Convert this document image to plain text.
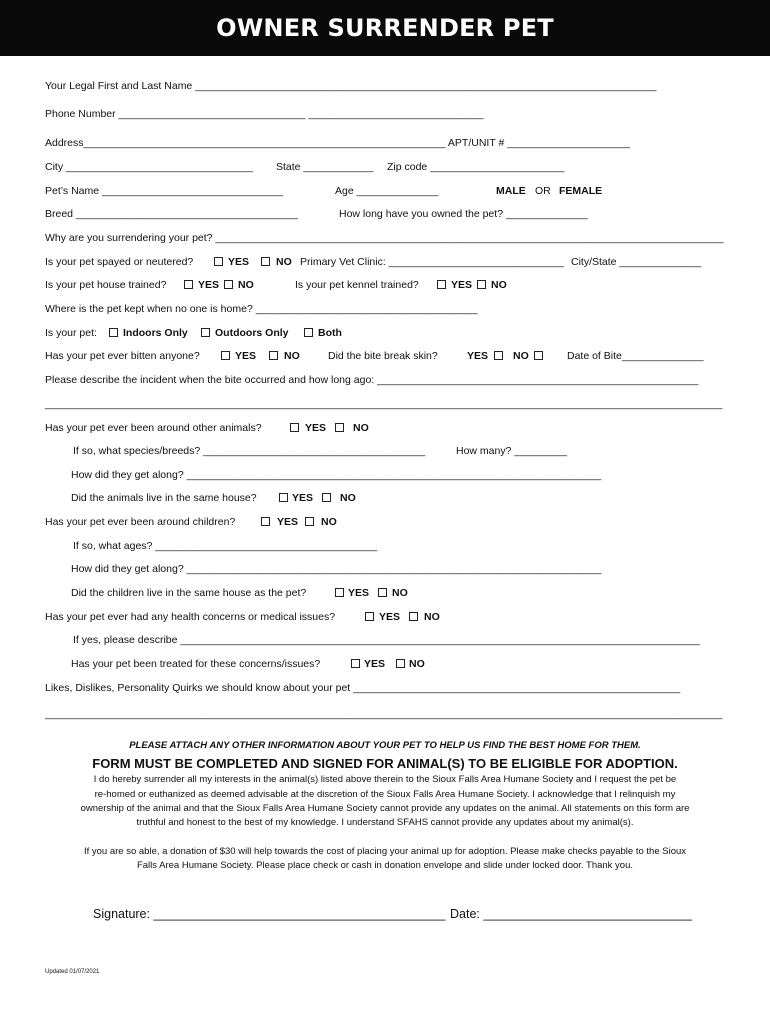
OWNER SURRENDER PET
Your Legal First and Last Name _______________________________________________________________________________
Phone Number ________________________________ ______________________________
Address______________________________________________________________ APT/UNIT # _____________________
City ________________________________ State ____________ Zip code _______________________
Pet’s Name _______________________________	Age ______________	MALE OR FEMALE
Breed ______________________________________	How long have you owned the pet? ______________
Why are you surrendering your pet? _______________________________________________________________________________________
Is your pet spayed or neutered?	YES	NO Primary Vet Clinic: ______________________________ City/State ______________
Is your pet house trained?	YES NO	Is your pet kennel trained?	YES NO
Where is the pet kept when no one is home? ______________________________________
Is your pet: Indoors Only	Outdoors Only	Both
Has your pet ever bitten anyone?	YES	NO	Did the bite break skin?	YES NO	Date of Bite______________
Please describe the incident when the bite occurred and how long ago: _______________________________________________________
____________________________________________________________________________________________________________________
Has your pet ever been around other animals?	YES	NO
If so, what species/breeds? ______________________________________	How many? _________
How did they get along? _______________________________________________________________________
Did the animals live in the same house?	YES	NO
Has your pet ever been around children?	YES NO
If so, what ages? ______________________________________
How did they get along? _______________________________________________________________________
Did the children live in the same house as the pet?	YES NO
Has your pet ever had any health concerns or medical issues?	YES NO
If yes, please describe _________________________________________________________________________________________
Has your pet been treated for these concerns/issues?	YES NO
Likes, Dislikes, Personality Quirks we should know about your pet ________________________________________________________
____________________________________________________________________________________________________________________
PLEASE ATTACH ANY OTHER INFORMATION ABOUT YOUR PET TO HELP US FIND THE BEST HOME FOR THEM.
FORM MUST BE COMPLETED AND SIGNED FOR ANIMAL(S) TO BE ELIGIBLE FOR ADOPTION.
I do hereby surrender all my interests in the animal(s) listed above therein to the Sioux Falls Area Humane Society and I request the pet be
re-homed or euthanized as deemed advisable at the discretion of the Sioux Falls Area Humane Society. I acknowledge that I relinquish my
ownership of the animal and that the Sioux Falls Area Humane Society cannot provide any updates on the animal. All statements on this form are
truthful and honest to the best of my knowledge. I understand SFAHS cannot provide any updates about my animal(s).
If you are so able, a donation of $30 will help towards the cost of placing your animal up for adoption. Please make checks payable to the Sioux
Falls Area Humane Society. Please place check or cash in donation envelope and slide under locked door. Thank you.
Signature: __________________________________________ Date: ______________________________
Updated 01/07/2021
